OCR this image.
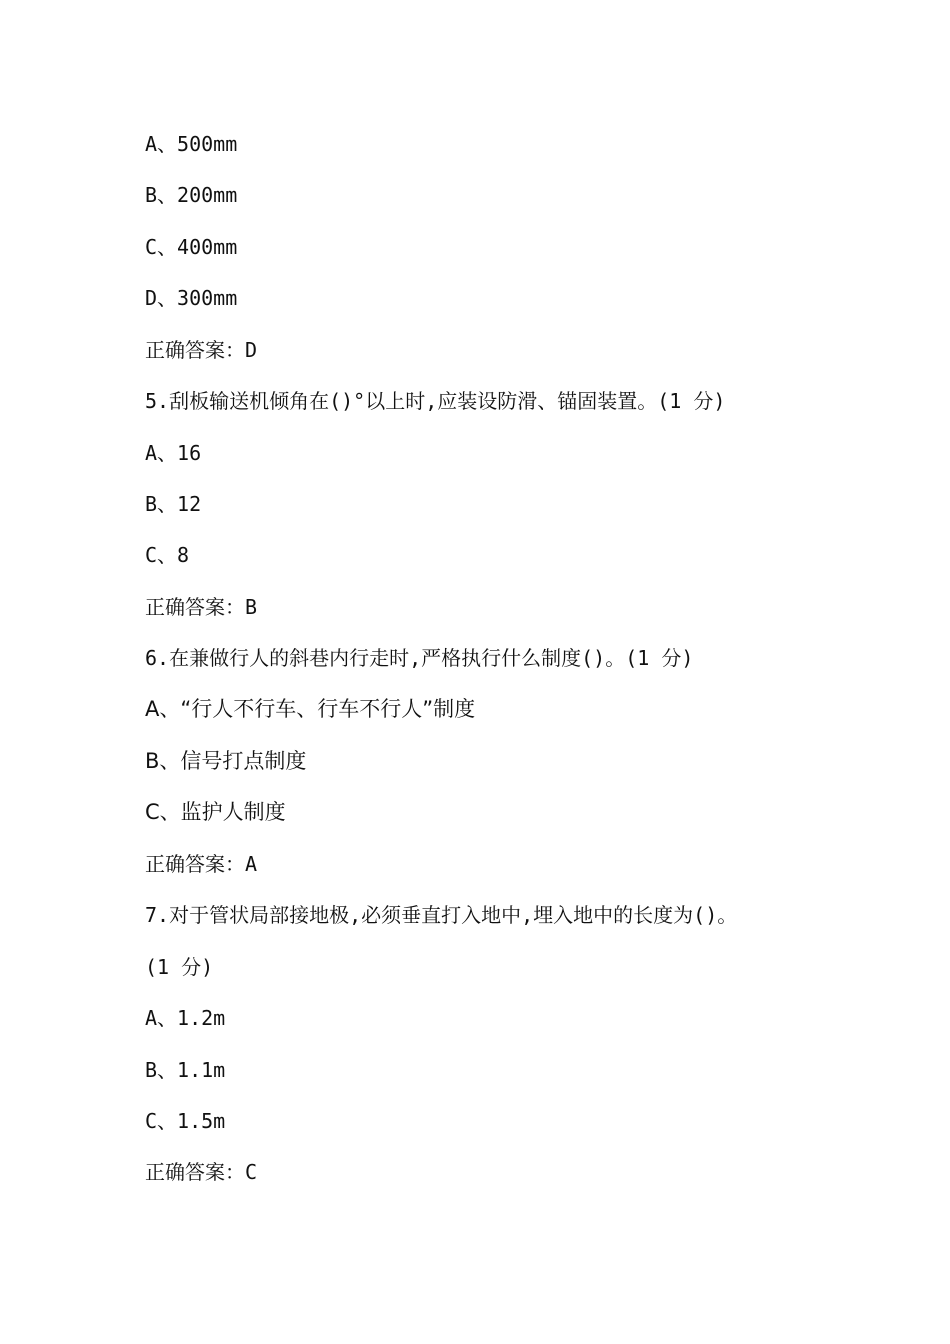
A、500mm
B、200mm
C、400mm
D、300mm
正确答案：D
5.刮板输送机倾角在()°以上时,应装设防滑、锚固装置。(1 分)
A、16
B、12
C、8
正确答案：B
6.在兼做行人的斜巷内行走时,严格执行什么制度()。(1 分)
A、“行人不行车、行车不行人”制度
B、信号打点制度
C、监护人制度
正确答案：A
7.对于管状局部接地极,必须垂直打入地中,埋入地中的长度为()。
(1 分)
A、1.2m
B、1.1m
C、1.5m
正确答案：C
